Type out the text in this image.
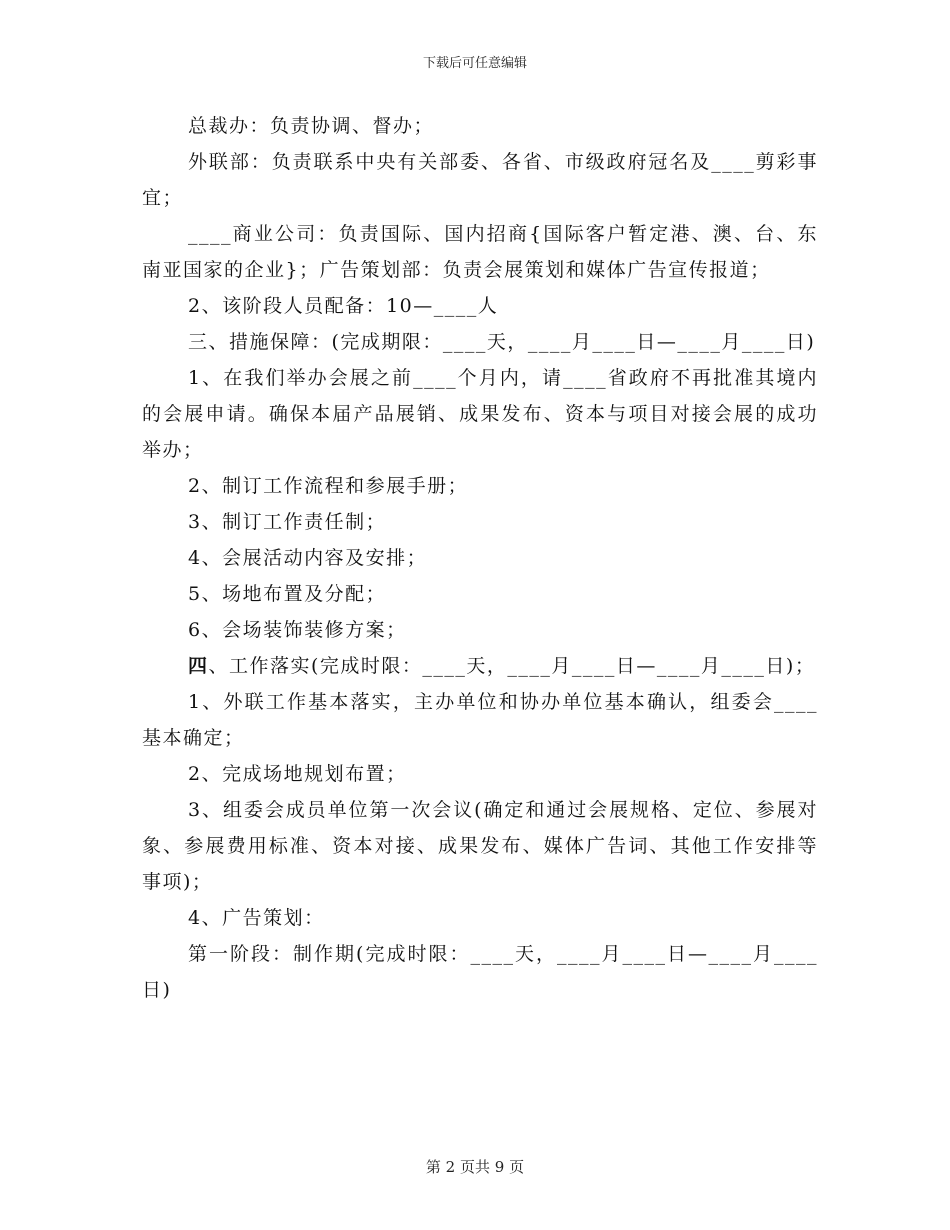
下载后可任意编辑

总裁办：负责协调、督办；

外联部：负责联系中央有关部委、各省、市级政府冠名及____剪彩事宜；

____商业公司：负责国际、国内招商{国际客户暂定港、澳、台、东南亚国家的企业}；广告策划部：负责会展策划和媒体广告宣传报道；

2、该阶段人员配备：10—____人

三、措施保障：(完成期限：____天，____月____日—____月____日)

1、在我们举办会展之前____个月内，请____省政府不再批准其境内的会展申请。确保本届产品展销、成果发布、资本与项目对接会展的成功举办；

2、制订工作流程和参展手册；

3、制订工作责任制；

4、会展活动内容及安排；

5、场地布置及分配；

6、会场装饰装修方案；

四、工作落实(完成时限：____天，____月____日—____月____日)；

1、外联工作基本落实，主办单位和协办单位基本确认，组委会____基本确定；

2、完成场地规划布置；

3、组委会成员单位第一次会议(确定和通过会展规格、定位、参展对象、参展费用标准、资本对接、成果发布、媒体广告词、其他工作安排等事项)；

4、广告策划：

第一阶段：制作期(完成时限：____天，____月____日—____月____日)

第 2 页共 9 页
